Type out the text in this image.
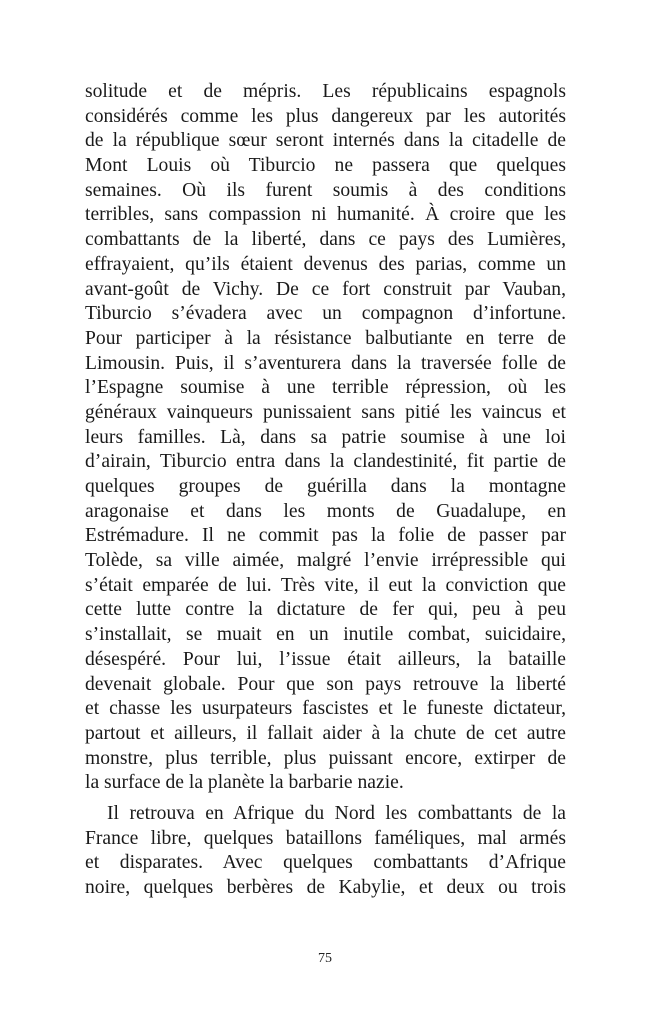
solitude et de mépris. Les républicains espagnols
considérés comme les plus dangereux par les autorités
de la république sœur seront internés dans la citadelle de
Mont Louis où Tiburcio ne passera que quelques
semaines. Où ils furent soumis à des conditions
terribles, sans compassion ni humanité. À croire que les
combattants de la liberté, dans ce pays des Lumières,
effrayaient, qu’ils étaient devenus des parias, comme un
avant-goût de Vichy. De ce fort construit par Vauban,
Tiburcio s’évadera avec un compagnon d’infortune.
Pour participer à la résistance balbutiante en terre de
Limousin. Puis, il s’aventurera dans la traversée folle de
l’Espagne soumise à une terrible répression, où les
généraux vainqueurs punissaient sans pitié les vaincus et
leurs familles. Là, dans sa patrie soumise à une loi
d’airain, Tiburcio entra dans la clandestinité, fit partie de
quelques groupes de guérilla dans la montagne
aragonaise et dans les monts de Guadalupe, en
Estrémadure. Il ne commit pas la folie de passer par
Tolède, sa ville aimée, malgré l’envie irrépressible qui
s’était emparée de lui. Très vite, il eut la conviction que
cette lutte contre la dictature de fer qui, peu à peu
s’installait, se muait en un inutile combat, suicidaire,
désespéré. Pour lui, l’issue était ailleurs, la bataille
devenait globale. Pour que son pays retrouve la liberté
et chasse les usurpateurs fascistes et le funeste dictateur,
partout et ailleurs, il fallait aider à la chute de cet autre
monstre, plus terrible, plus puissant encore, extirper de
la surface de la planète la barbarie nazie.
Il retrouva en Afrique du Nord les combattants de la
France libre, quelques bataillons faméliques, mal armés
et disparates. Avec quelques combattants d’Afrique
noire, quelques berbères de Kabylie, et deux ou trois
75
